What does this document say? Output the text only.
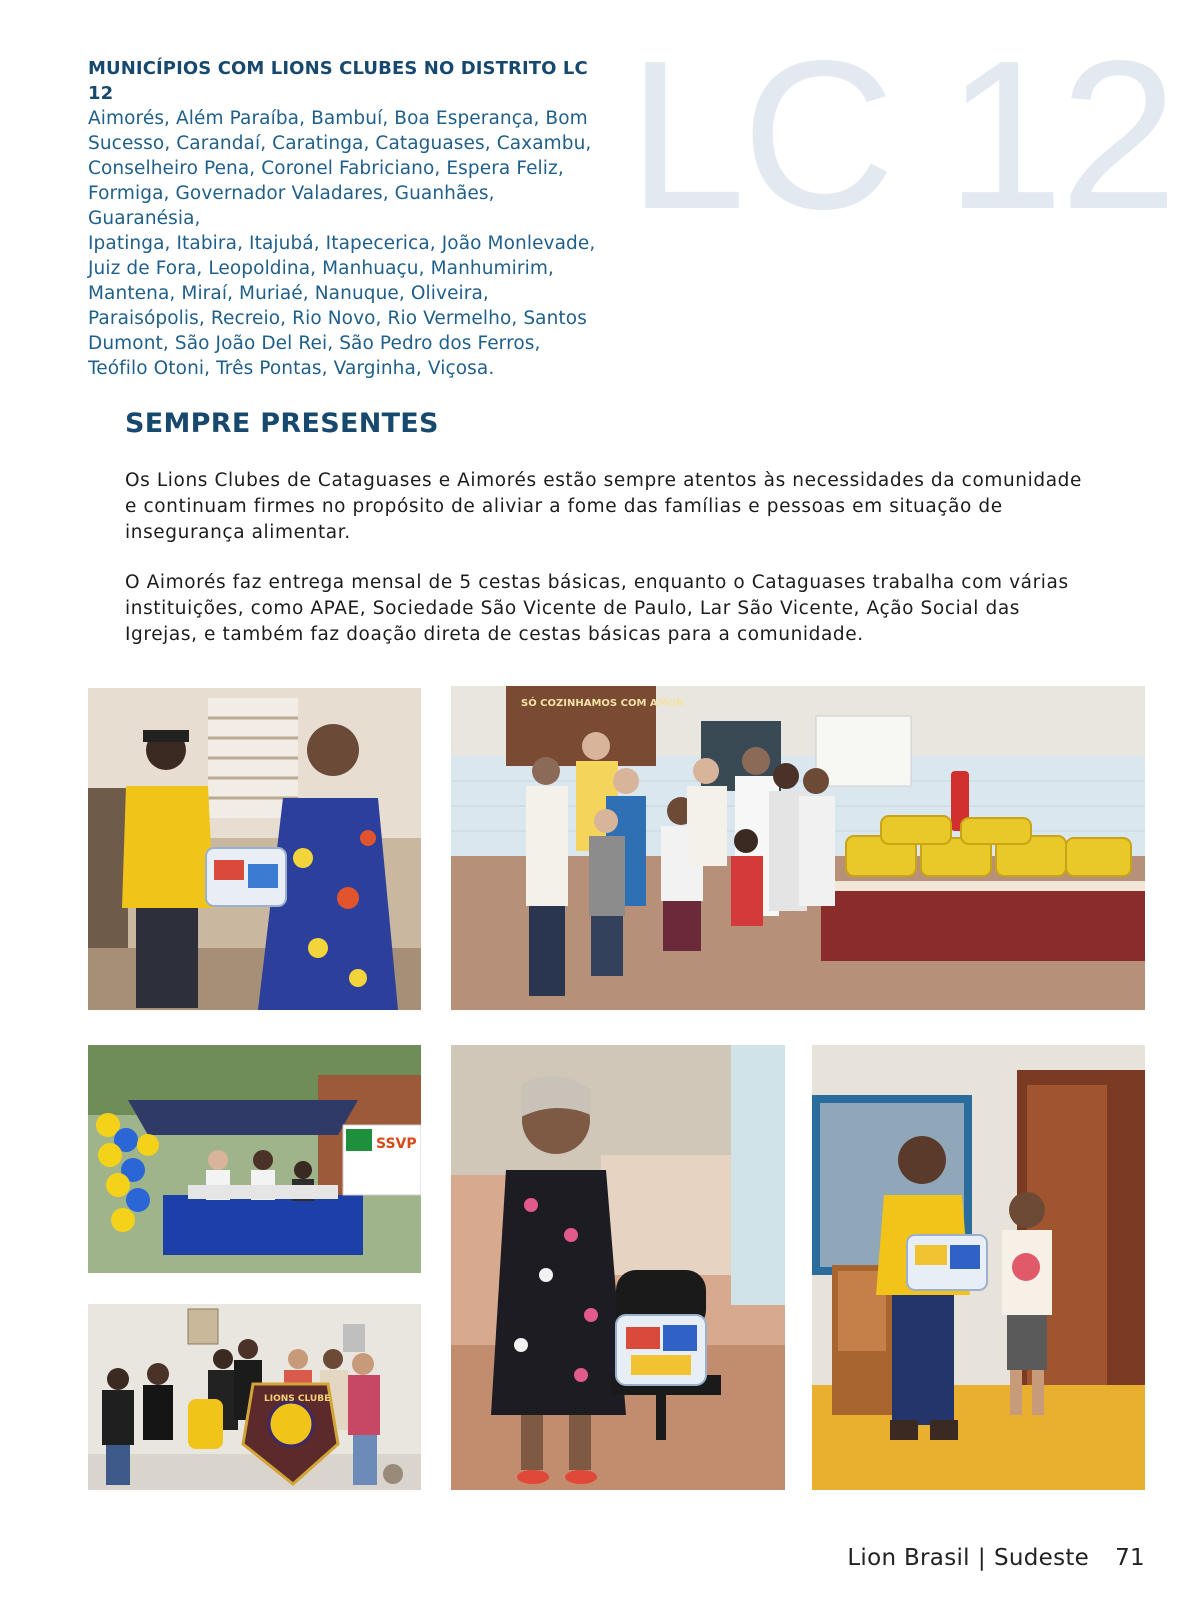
MUNICÍPIOS COM LIONS CLUBES NO DISTRITO LC 12
Aimorés, Além Paraíba, Bambuí, Boa Esperança, Bom
Sucesso, Carandaí, Caratinga, Cataguases, Caxambu,
Conselheiro Pena, Coronel Fabriciano, Espera Feliz,
Formiga, Governador Valadares, Guanhães, Guaranésia,
Ipatinga, Itabira, Itajubá, Itapecerica, João Monlevade,
Juiz de Fora, Leopoldina, Manhuaçu, Manhumirim,
Mantena, Miraí, Muriaé, Nanuque, Oliveira,
Paraisópolis, Recreio, Rio Novo, Rio Vermelho, Santos
Dumont, São João Del Rei, São Pedro dos Ferros,
Teófilo Otoni, Três Pontas, Varginha, Viçosa.
LC 12
SEMPRE PRESENTES
Os Lions Clubes de Cataguases e Aimorés estão sempre atentos às necessidades da comunidade
e continuam firmes no propósito de aliviar a fome das famílias e pessoas em situação de
insegurança alimentar.
O Aimorés faz entrega mensal de 5 cestas básicas, enquanto o Cataguases trabalha com várias
instituições, como APAE, Sociedade São Vicente de Paulo, Lar São Vicente, Ação Social das
Igrejas, e também faz doação direta de cestas básicas para a comunidade.
SÓ COZINHAMOS COM AMOR
SSVP
LIONS CLUBE
Lion Brasil | Sudeste 71
